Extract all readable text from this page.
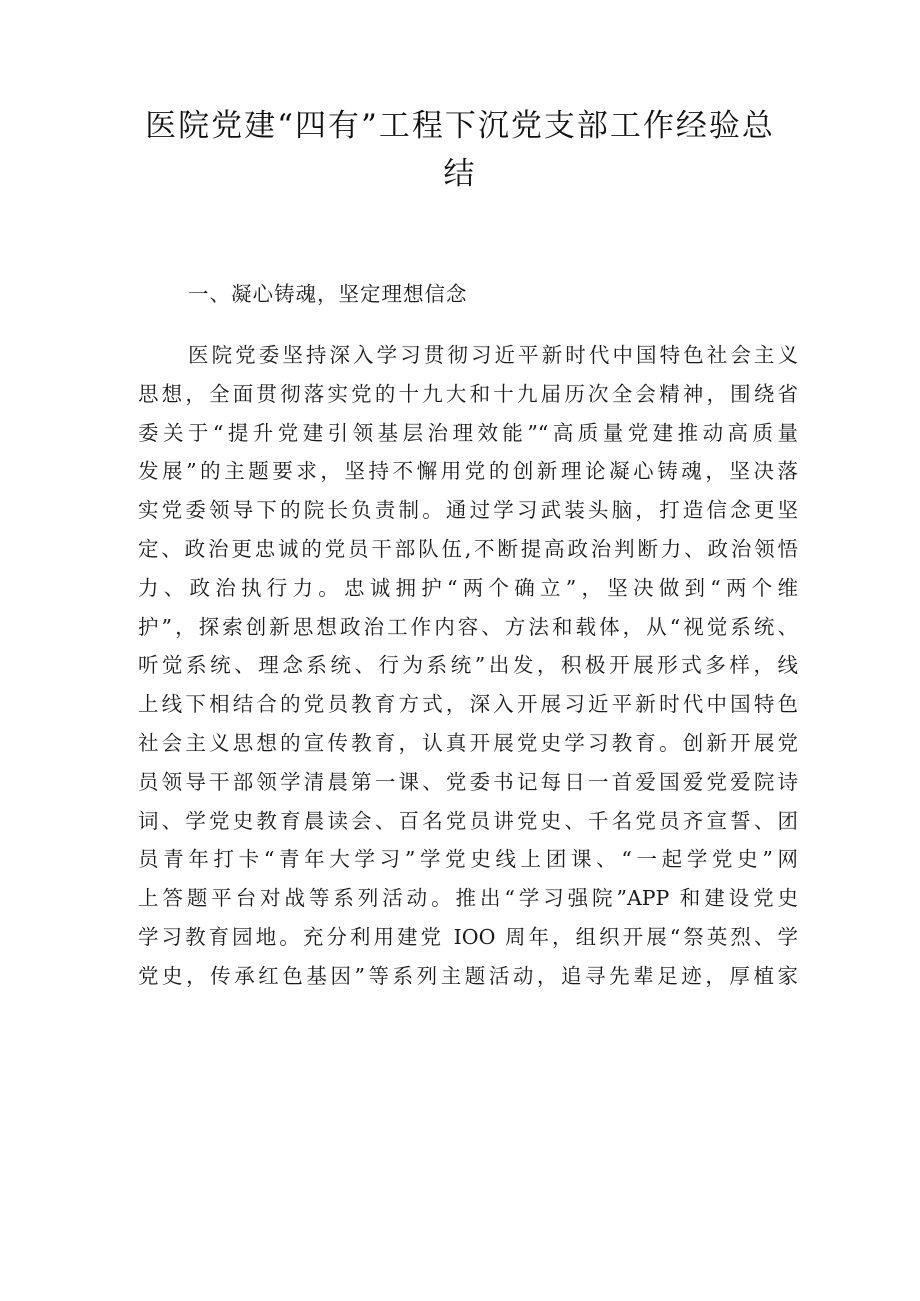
医院党建“四有”工程下沉党支部工作经验总结
一、凝心铸魂，坚定理想信念
医院党委坚持深入学习贯彻习近平新时代中国特色社会主义
思想，全面贯彻落实党的十九大和十九届历次全会精神，围绕省
委关于“提升党建引领基层治理效能”“高质量党建推动高质量
发展”的主题要求，坚持不懈用党的创新理论凝心铸魂，坚决落
实党委领导下的院长负责制。通过学习武装头脑，打造信念更坚
定、政治更忠诚的党员干部队伍,不断提高政治判断力、政治领悟
力、政治执行力。忠诚拥护“两个确立”，坚决做到“两个维
护”，探索创新思想政治工作内容、方法和载体，从“视觉系统、
听觉系统、理念系统、行为系统”出发，积极开展形式多样，线
上线下相结合的党员教育方式，深入开展习近平新时代中国特色
社会主义思想的宣传教育，认真开展党史学习教育。创新开展党
员领导干部领学清晨第一课、党委书记每日一首爱国爱党爱院诗
词、学党史教育晨读会、百名党员讲党史、千名党员齐宣誓、团
员青年打卡“青年大学习”学党史线上团课、“一起学党史”网
上答题平台对战等系列活动。推出“学习强院”APP 和建设党史
学习教育园地。充分利用建党 IOO 周年，组织开展“祭英烈、学
党史，传承红色基因”等系列主题活动，追寻先辈足迹，厚植家
